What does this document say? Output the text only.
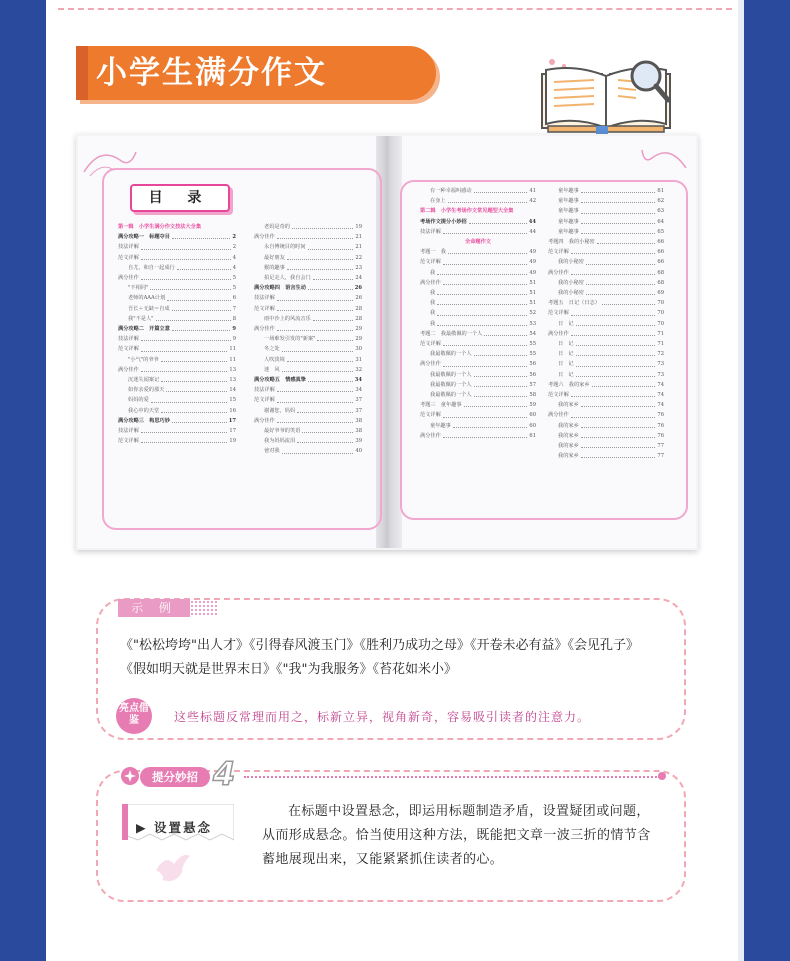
小学生满分作文
目 录
第一辑　小学生满分作文技法大全集
满分攻略一　标题夺目	2
技法详解	2
范文详解	4
自尤，和自一起成行	4
满分佳作	5
"不相同"	5
老师的AAA计划	6
吾长＋无缺＝自成	7
我"不是人"	8
满分攻略二　开篇立意	9
技法详解	9
范文详解	11
"小气"的爷爷	11
满分佳作	13
沉迷失闻案记	13
如你亲爱的那天	14
妈妈的爱	15
我心中的天堂	16
满分攻略三　构思巧妙	17
技法详解	17
范文详解	19
老妈是奇的	19
满分佳作	21
永自傅统目的时间	21
最好朋友	22
猴的趣事	23
拍足走人，我自会门	24
满分攻略四　语言生动	26
技法详解	26
范文详解	28
雨中沙上的风流音乐	28
满分佳作	29
一场难发引发的"新案"	29
冬之处	30
人吹淡境	31
迷　风	32
满分攻略五　情感真挚	34
技法详解	34
范文详解	37
谢谢您，妈妈	37
满分佳作	38
最好爷爷的笑语	38
我为妈妈流泪	39
爸对我	40
有一种幸福叫感动	41
在身上	42
第二辑　小学生考场作文常见题型大全集
考场作文提分小妙招	44
技法详解	44
全命题作文
考题一　我	49
范文详解	49
我	49
满分佳作	51
我	51
我	51
我	52
我	53
考题二　我最敬佩的一个人	54
范文详解	55
我最敬佩的一个人	55
满分佳作	56
我最敬佩的一个人	56
我最敬佩的一个人	57
我最敬佩的一个人	58
考题三　童年趣事	59
范文详解	60
童年趣事	60
满分佳作	61
童年趣事	61
童年趣事	62
童年趣事	63
童年趣事	64
童年趣事	65
考题四　我的小秘密	66
范文详解	66
我的小秘密	66
满分佳作	68
我的小秘密	68
我的小秘密	69
考题五　日记（日志）	70
范文详解	70
日　记	70
满分佳作	71
日　记	71
日　记	72
日　记	73
日　记	73
考题六　我的家乡	74
范文详解	74
我的家乡	74
满分佳作	76
我的家乡	76
我的家乡	76
我的家乡	77
我的家乡	77
示 例
《"松松垮垮"出人才》《引得春风渡玉门》《胜利乃成功之母》《开卷未必有益》《会见孔子》
《假如明天就是世界末日》《"我"为我服务》《苔花如米小》
亮点借鉴	这些标题反常理而用之，标新立异，视角新奇，容易吸引读者的注意力。
提分妙招 4
▶ 设置悬念
在标题中设置悬念，即运用标题制造矛盾，设置疑团或问题，从而形成悬念。恰当使用这种方法，既能把文章一波三折的情节含蓄地展现出来，又能紧紧抓住读者的心。
